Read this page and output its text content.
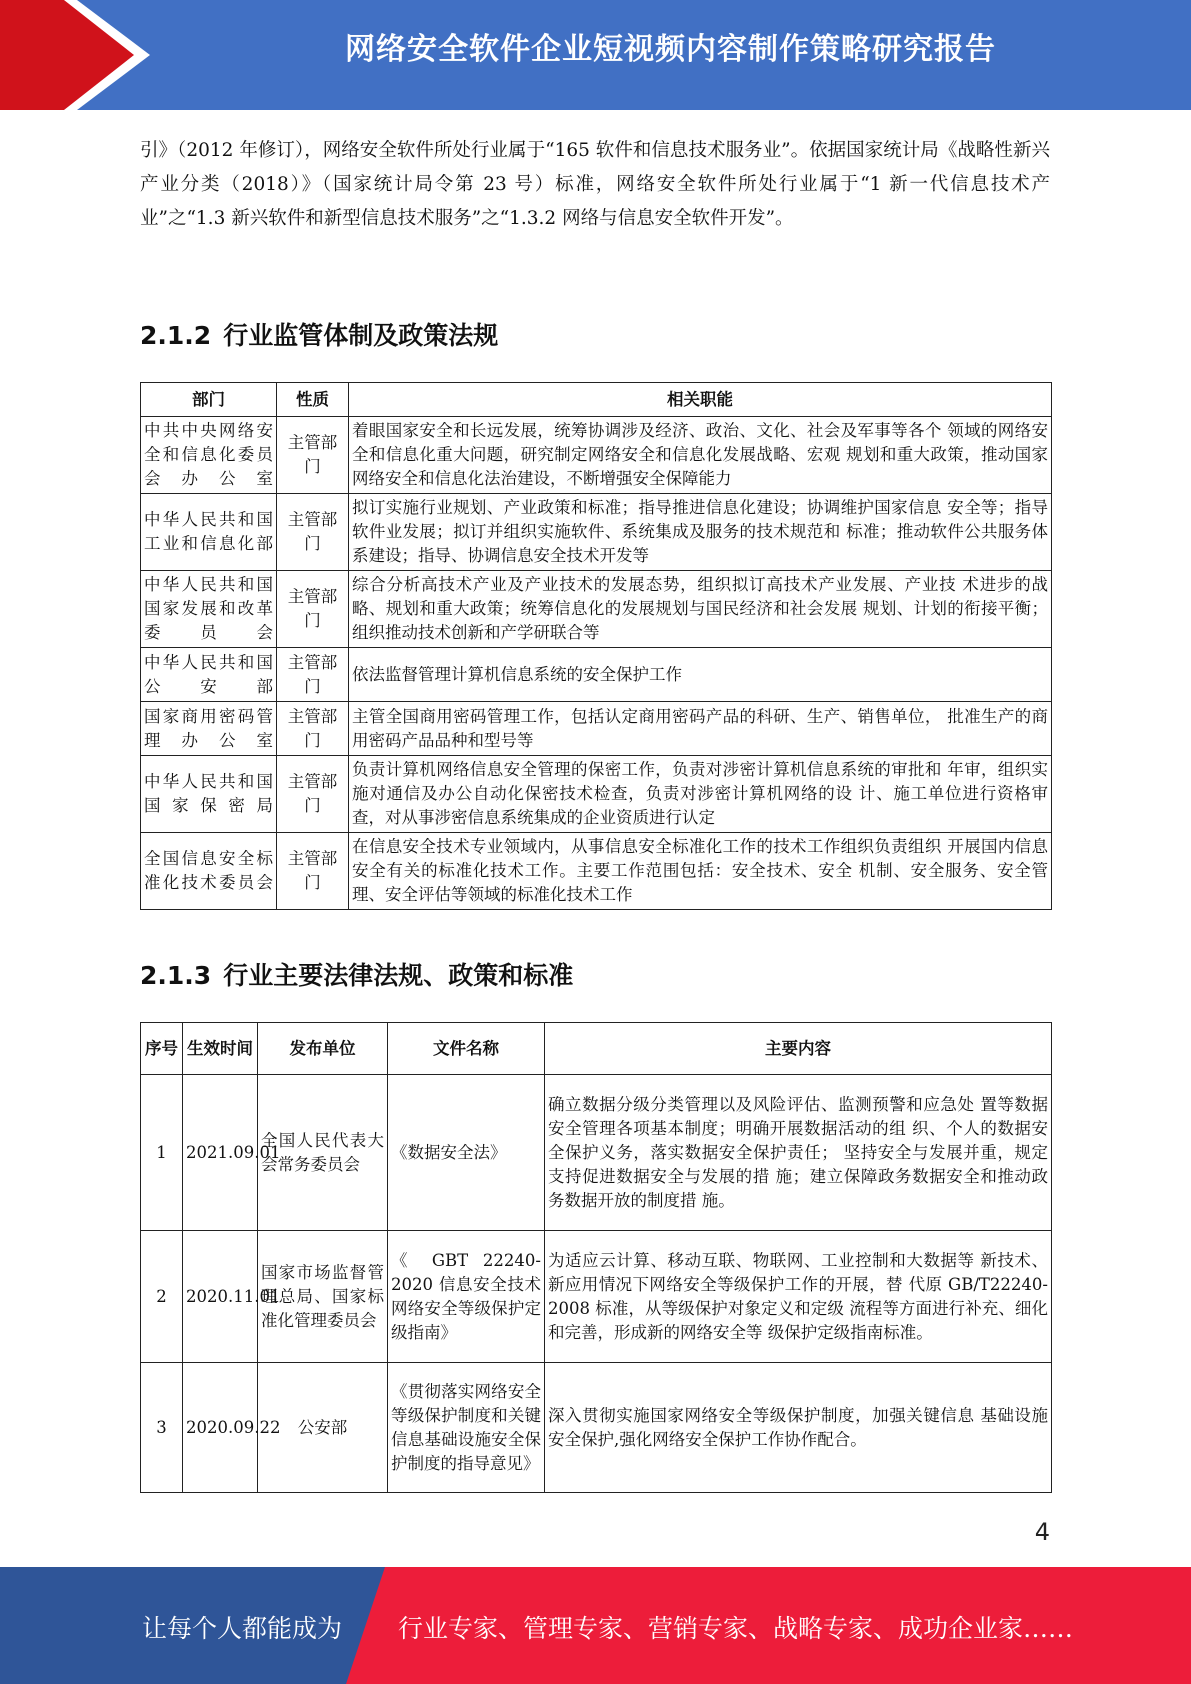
网络安全软件企业短视频内容制作策略研究报告

引》（2012 年修订），网络安全软件所处行业属于“165 软件和信息技术服务业”。依据国家统计局《战略性新兴产业分类（2018）》（国家统计局令第 23 号）标准，网络安全软件所处行业属于“1 新一代信息技术产业”之“1.3 新兴软件和新型信息技术服务”之“1.3.2 网络与信息安全软件开发”。

2.1.2 行业监管体制及政策法规
部门	性质	相关职能
中共中央网络安全和信息化委员会办公室	主管部门	着眼国家安全和长远发展，统筹协调涉及经济、政治、文化、社会及军事等各个 领域的网络安全和信息化重大问题，研究制定网络安全和信息化发展战略、宏观 规划和重大政策，推动国家网络安全和信息化法治建设，不断增强安全保障能力
中华人民共和国工业和信息化部	主管部门	拟订实施行业规划、产业政策和标准；指导推进信息化建设；协调维护国家信息 安全等；指导软件业发展；拟订并组织实施软件、系统集成及服务的技术规范和 标准；推动软件公共服务体系建设；指导、协调信息安全技术开发等
中华人民共和国国家发展和改革委员会	主管部门	综合分析高技术产业及产业技术的发展态势，组织拟订高技术产业发展、产业技 术进步的战略、规划和重大政策；统筹信息化的发展规划与国民经济和社会发展 规划、计划的衔接平衡；组织推动技术创新和产学研联合等
中华人民共和国公安部	主管部门	依法监督管理计算机信息系统的安全保护工作
国家商用密码管理办公室	主管部门	主管全国商用密码管理工作，包括认定商用密码产品的科研、生产、销售单位， 批准生产的商用密码产品品种和型号等
中华人民共和国国家保密局	主管部门	负责计算机网络信息安全管理的保密工作，负责对涉密计算机信息系统的审批和 年审，组织实施对通信及办公自动化保密技术检查，负责对涉密计算机网络的设 计、施工单位进行资格审查，对从事涉密信息系统集成的企业资质进行认定
全国信息安全标准化技术委员会	主管部门	在信息安全技术专业领域内，从事信息安全标准化工作的技术工作组织负责组织 开展国内信息安全有关的标准化技术工作。主要工作范围包括：安全技术、安全 机制、安全服务、安全管理、安全评估等领域的标准化技术工作
2.1.3 行业主要法律法规、政策和标准
序号	生效时间	发布单位	文件名称	主要内容
1	2021.09.01	全国人民代表大会常务委员会	《数据安全法》	确立数据分级分类管理以及风险评估、监测预警和应急处 置等数据安全管理各项基本制度；明确开展数据活动的组 织、个人的数据安全保护义务，落实数据安全保护责任； 坚持安全与发展并重，规定支持促进数据安全与发展的措 施；建立保障政务数据安全和推动政务数据开放的制度措 施。
2	2020.11.01	国家市场监督管理总局、国家标准化管理委员会	《 GBT 22240-2020 信息安全技术网络安全等级保护定级指南》	为适应云计算、移动互联、物联网、工业控制和大数据等 新技术、新应用情况下网络安全等级保护工作的开展，替 代原 GB/T22240-2008 标准，从等级保护对象定义和定级 流程等方面进行补充、细化和完善，形成新的网络安全等 级保护定级指南标准。
3	2020.09.22	公安部	《贯彻落实网络安全等级保护制度和关键信息基础设施安全保护制度的指导意见》	深入贯彻实施国家网络安全等级保护制度，加强关键信息 基础设施安全保护,强化网络安全保护工作协作配合。
4
让每个人都能成为 行业专家、管理专家、营销专家、战略专家、成功企业家……
